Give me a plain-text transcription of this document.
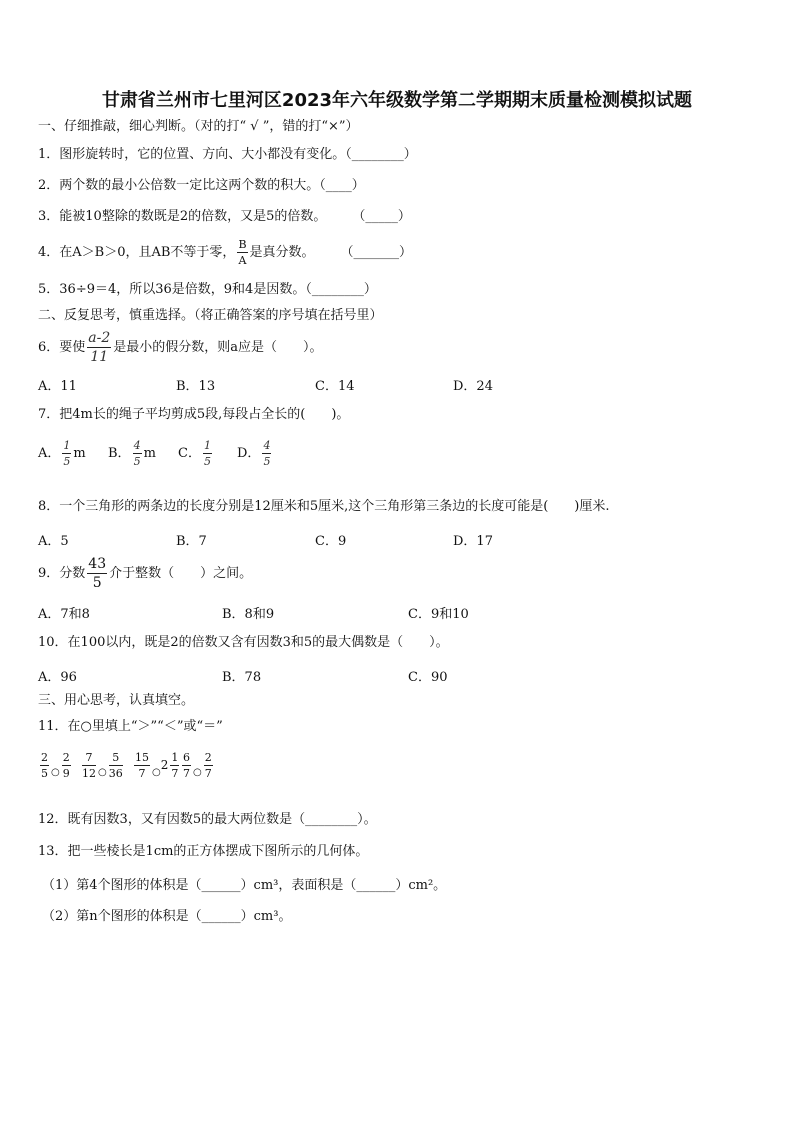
甘肃省兰州市七里河区2023年六年级数学第二学期期末质量检测模拟试题
一、仔细推敲，细心判断。（对的打“ √ ”，错的打“×”）
1．图形旋转时，它的位置、方向、大小都没有变化。（________）
2．两个数的最小公倍数一定比这两个数的积大。（____）
3．能被10整除的数既是2的倍数，又是5的倍数。　　　（_____）
4．在A＞B＞0，且AB不等于零， $\frac{B}{A}$ 是真分数。　　　（_______）
5．36÷9＝4，所以36是倍数，9和4是因数。（________）
二、反复思考，慎重选择。（将正确答案的序号填在括号里）
6．要使 $\frac{a-2}{11}$ 是最小的假分数，则a应是（　　）。
A．11	B．13	C．14	D．24
7．把4m长的绳子平均剪成5段,每段占全长的(　　)。
A． $\frac{1}{5}$ m B． $\frac{4}{5}$ m C． $\frac{1}{5}$ D． $\frac{4}{5}$
8．一个三角形的两条边的长度分别是12厘米和5厘米,这个三角形第三条边的长度可能是(　　)厘米.
A．5	B．7	C．9	D．17
9．分数 $\frac{43}{5}$ 介于整数（　　）之间。
A．7和8	B．8和9	C．9和10
10．在100以内，既是2的倍数又含有因数3和5的最大偶数是（　　）。
A．96	B．78	C．90
三、用心思考，认真填空。
11．在○里填上“＞”“＜”或“＝”
$\frac{2}{5} _○ \frac{2}{9} \frac{7}{12} _○ \frac{5}{36} \frac{15}{7} _○2 \frac{1}{7} \frac{6}{7} _○ \frac{2}{7}$
12．既有因数3，又有因数5的最大两位数是（________）。
13．把一些棱长是1cm的正方体摆成下图所示的几何体。
（1）第4个图形的体积是（______）cm³，表面积是（______）cm²。
（2）第n个图形的体积是（______）cm³。
